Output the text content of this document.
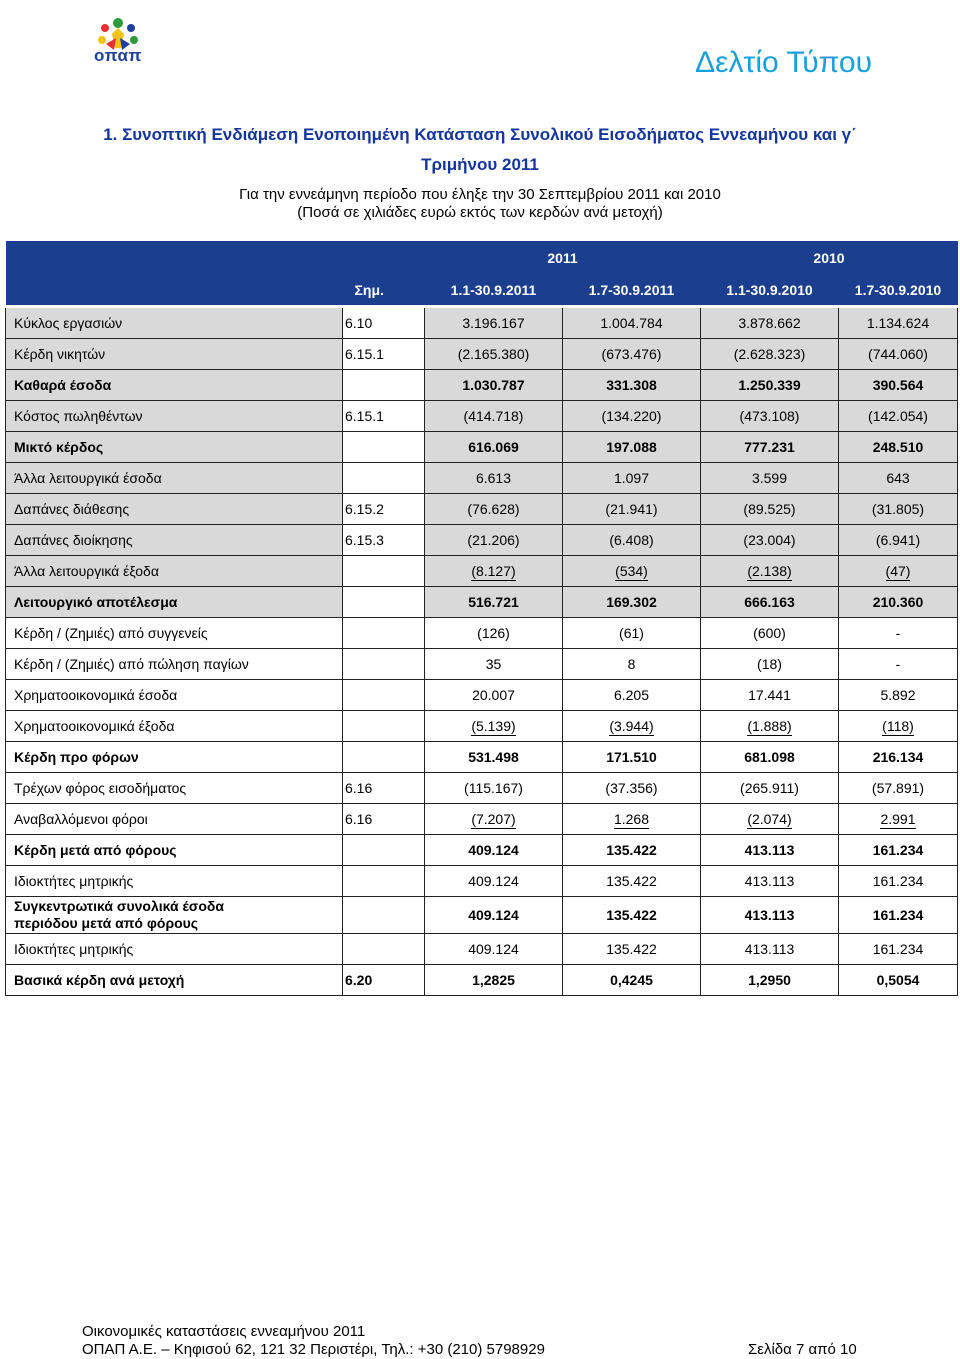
οπαπ	Δελτίο Τύπου
1. Συνοπτική Ενδιάμεση Ενοποιημένη Κατάσταση Συνολικού Εισοδήματος Εννεαμήνου και γ΄
Τριμήνου 2011
Για την εννεάμηνη περίοδο που έληξε την 30 Σεπτεμβρίου 2011 και 2010
(Ποσά σε χιλιάδες ευρώ εκτός των κερδών ανά μετοχή)
		2011		2010	
	Σημ.	1.1-30.9.2011	1.7-30.9.2011	1.1-30.9.2010	1.7-30.9.2010
Κύκλος εργασιών	6.10	3.196.167	1.004.784	3.878.662	1.134.624
Κέρδη νικητών	6.15.1	(2.165.380)	(673.476)	(2.628.323)	(744.060)
Καθαρά έσοδα		1.030.787	331.308	1.250.339	390.564
Κόστος πωληθέντων	6.15.1	(414.718)	(134.220)	(473.108)	(142.054)
Μικτό κέρδος		616.069	197.088	777.231	248.510
Άλλα λειτουργικά έσοδα		6.613	1.097	3.599	643
Δαπάνες διάθεσης	6.15.2	(76.628)	(21.941)	(89.525)	(31.805)
Δαπάνες διοίκησης	6.15.3	(21.206)	(6.408)	(23.004)	(6.941)
Άλλα λειτουργικά έξοδα		(8.127)	(534)	(2.138)	(47)
Λειτουργικό αποτέλεσμα		516.721	169.302	666.163	210.360
Κέρδη / (Ζημιές) από συγγενείς		(126)	(61)	(600)	-
Κέρδη / (Ζημιές) από πώληση παγίων		35	8	(18)	-
Χρηματοοικονομικά έσοδα		20.007	6.205	17.441	5.892
Χρηματοοικονομικά έξοδα		(5.139)	(3.944)	(1.888)	(118)
Κέρδη προ φόρων		531.498	171.510	681.098	216.134
Τρέχων φόρος εισοδήματος	6.16	(115.167)	(37.356)	(265.911)	(57.891)
Αναβαλλόμενοι φόροι	6.16	(7.207)	1.268	(2.074)	2.991
Κέρδη μετά από φόρους		409.124	135.422	413.113	161.234
Ιδιοκτήτες μητρικής		409.124	135.422	413.113	161.234

Συγκεντρωτικά συνολικά έσοδα
περιόδου μετά από φόρους		409.124	135.422	413.113	161.234
Ιδιοκτήτες μητρικής		409.124	135.422	413.113	161.234
Βασικά κέρδη ανά μετοχή	6.20	1,2825	0,4245	1,2950	0,5054
Οικονομικές καταστάσεις εννεαμήνου 2011
ΟΠΑΠ Α.Ε. – Κηφισού 62, 121 32 Περιστέρι, Τηλ.: +30 (210) 5798929	Σελίδα 7 από 10
